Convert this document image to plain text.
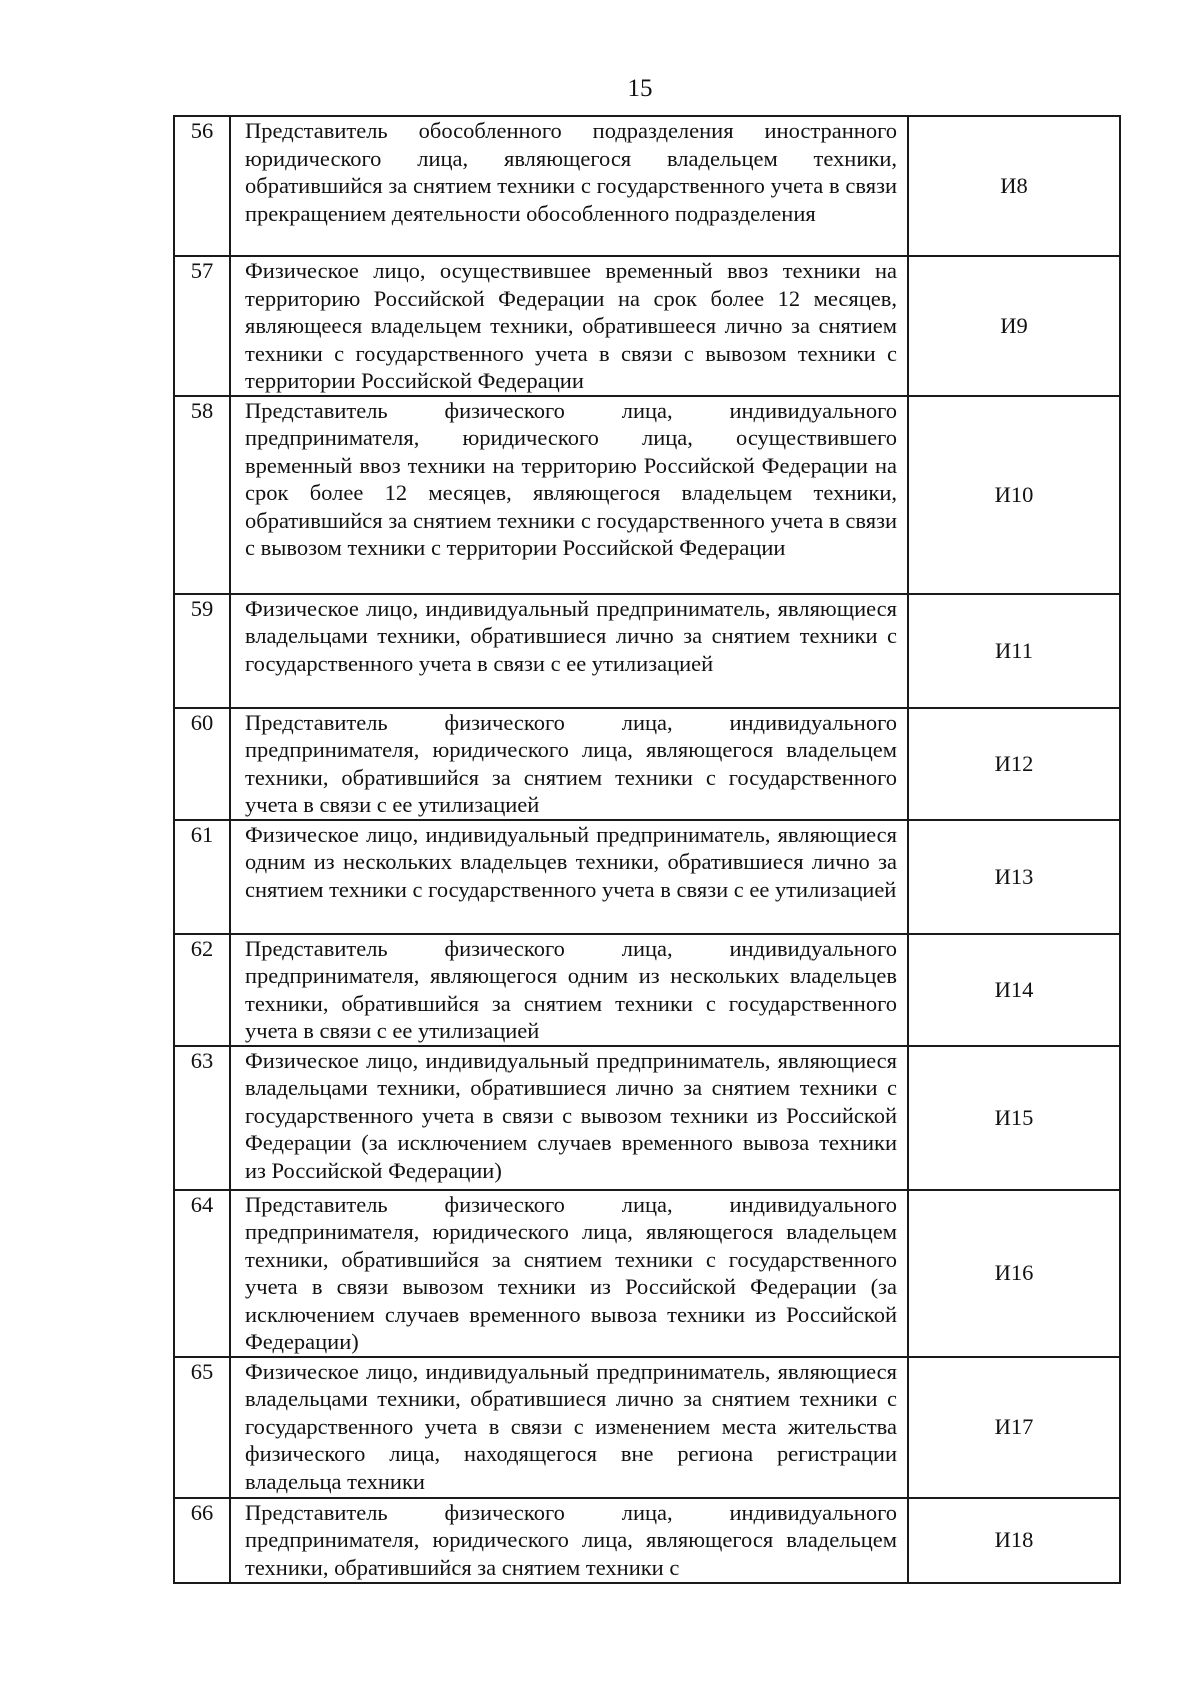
15
56	Представитель обособленного подразделения иностранного юридического лица, являющегося владельцем техники, обратившийся за снятием техники с государственного учета в связи прекращением деятельности обособленного подразделения	И8
57	Физическое лицо, осуществившее временный ввоз техники на территорию Российской Федерации на срок более 12 месяцев, являющееся владельцем техники, обратившееся лично за снятием техники с государственного учета в связи с вывозом техники с территории Российской Федерации	И9
58	Представитель физического лица, индивидуального предпринимателя, юридического лица, осуществившего временный ввоз техники на территорию Российской Федерации на срок более 12 месяцев, являющегося владельцем техники, обратившийся за снятием техники с государственного учета в связи с вывозом техники с территории Российской Федерации	И10
59	Физическое лицо, индивидуальный предприниматель, являющиеся владельцами техники, обратившиеся лично за снятием техники с государственного учета в связи с ее утилизацией	И11
60	Представитель физического лица, индивидуального предпринимателя, юридического лица, являющегося владельцем техники, обратившийся за снятием техники с государственного учета в связи с ее утилизацией	И12
61	Физическое лицо, индивидуальный предприниматель, являющиеся одним из нескольких владельцев техники, обратившиеся лично за снятием техники с государственного учета в связи с ее утилизацией	И13
62	Представитель физического лица, индивидуального предпринимателя, являющегося одним из нескольких владельцев техники, обратившийся за снятием техники с государственного учета в связи с ее утилизацией	И14
63	Физическое лицо, индивидуальный предприниматель, являющиеся владельцами техники, обратившиеся лично за снятием техники с государственного учета в связи с вывозом техники из Российской Федерации (за исключением случаев временного вывоза техники из Российской Федерации)	И15
64	Представитель физического лица, индивидуального предпринимателя, юридического лица, являющегося владельцем техники, обратившийся за снятием техники с государственного учета в связи вывозом техники из Российской Федерации (за исключением случаев временного вывоза техники из Российской Федерации)	И16
65	Физическое лицо, индивидуальный предприниматель, являющиеся владельцами техники, обратившиеся лично за снятием техники с государственного учета в связи с изменением места жительства физического лица, находящегося вне региона регистрации владельца техники	И17
66	Представитель физического лица, индивидуального предпринимателя, юридического лица, являющегося владельцем техники, обратившийся за снятием техники с	И18
